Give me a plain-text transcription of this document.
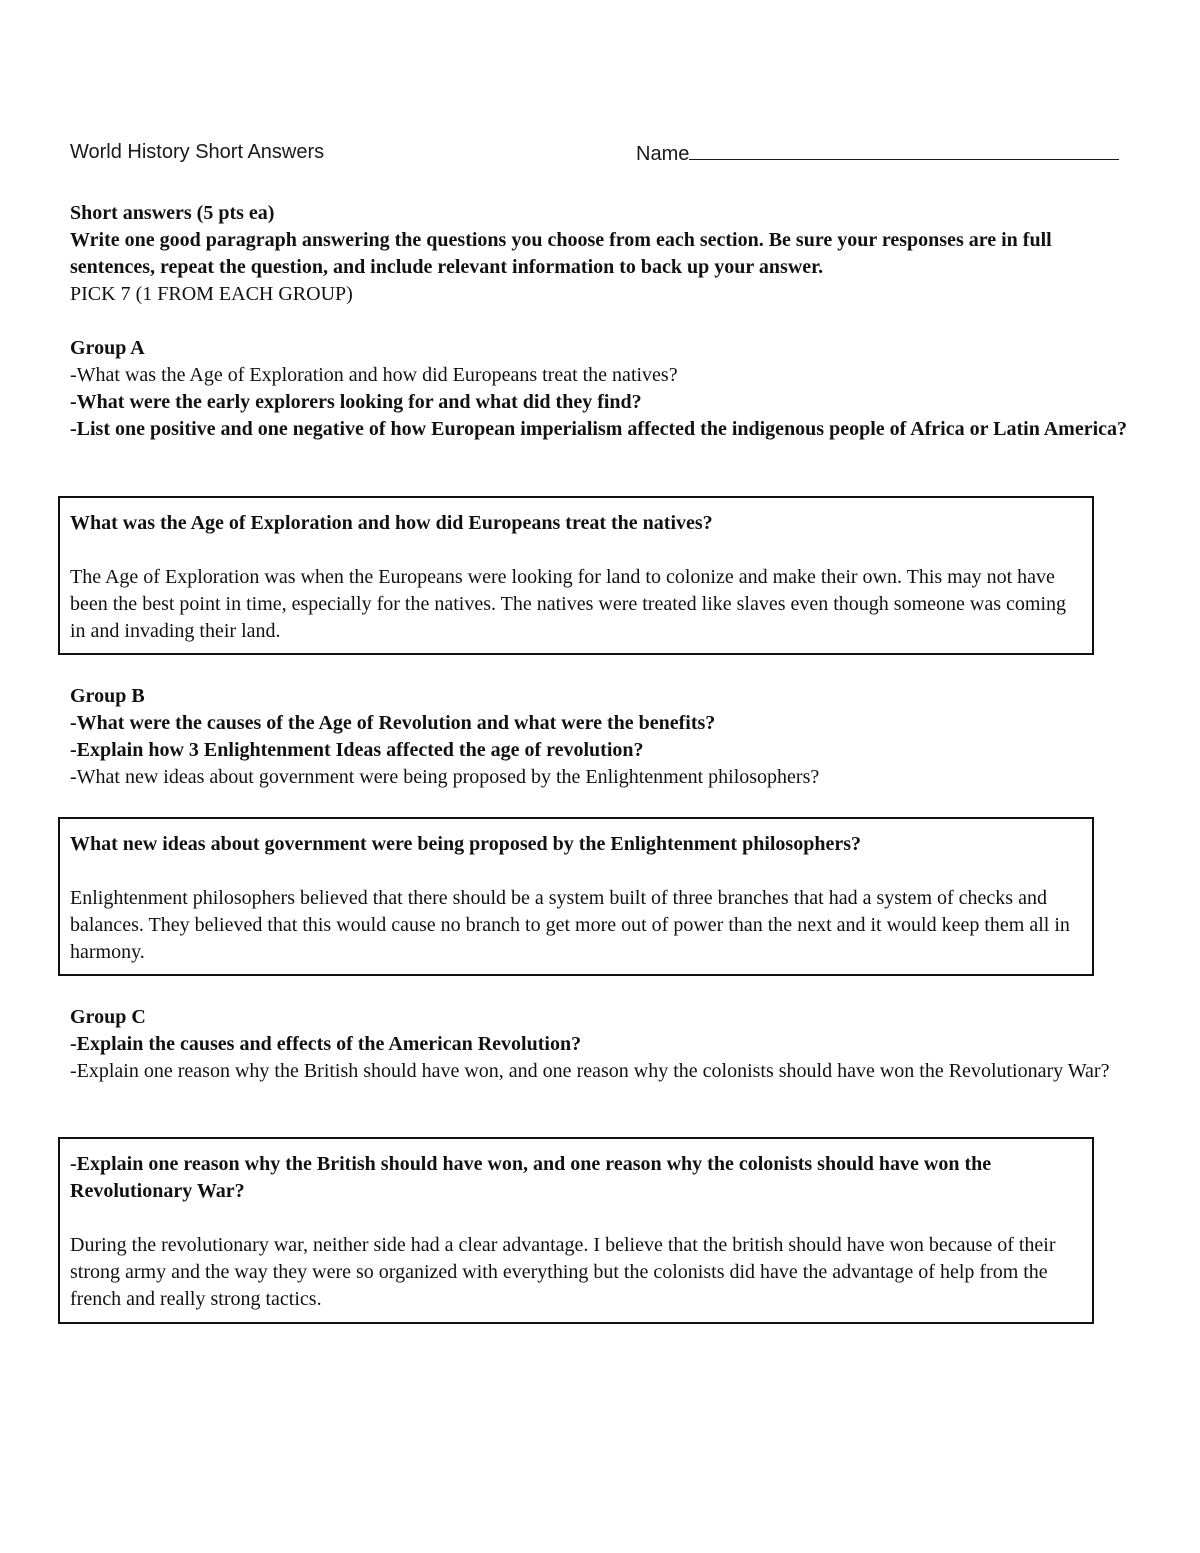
World History Short Answers	Name

Short answers (5 pts ea)

Write one good paragraph answering the questions you choose from each section. Be sure your responses are in full sentences, repeat the question, and include relevant information to back up your answer.

PICK 7 (1 FROM EACH GROUP)

Group A

-What was the Age of Exploration and how did Europeans treat the natives?

-What were the early explorers looking for and what did they find?

-List one positive and one negative of how European imperialism affected the indigenous people of Africa or Latin America?

What was the Age of Exploration and how did Europeans treat the natives?

The Age of Exploration was when the Europeans were looking for land to colonize and make their own. This may not have been the best point in time, especially for the natives. The natives were treated like slaves even though someone was coming in and invading their land.

Group B

-What were the causes of the Age of Revolution and what were the benefits?

-Explain how 3 Enlightenment Ideas affected the age of revolution?

-What new ideas about government were being proposed by the Enlightenment philosophers?

What new ideas about government were being proposed by the Enlightenment philosophers?

Enlightenment philosophers believed that there should be a system built of three branches that had a system of checks and balances. They believed that this would cause no branch to get more out of power than the next and it would keep them all in harmony.

Group C

-Explain the causes and effects of the American Revolution?

-Explain one reason why the British should have won, and one reason why the colonists should have won the Revolutionary War?

-Explain one reason why the British should have won, and one reason why the colonists should have won the Revolutionary War?

During the revolutionary war, neither side had a clear advantage. I believe that the british should have won because of their strong army and the way they were so organized with everything but the colonists did have the advantage of help from the french and really strong tactics.
